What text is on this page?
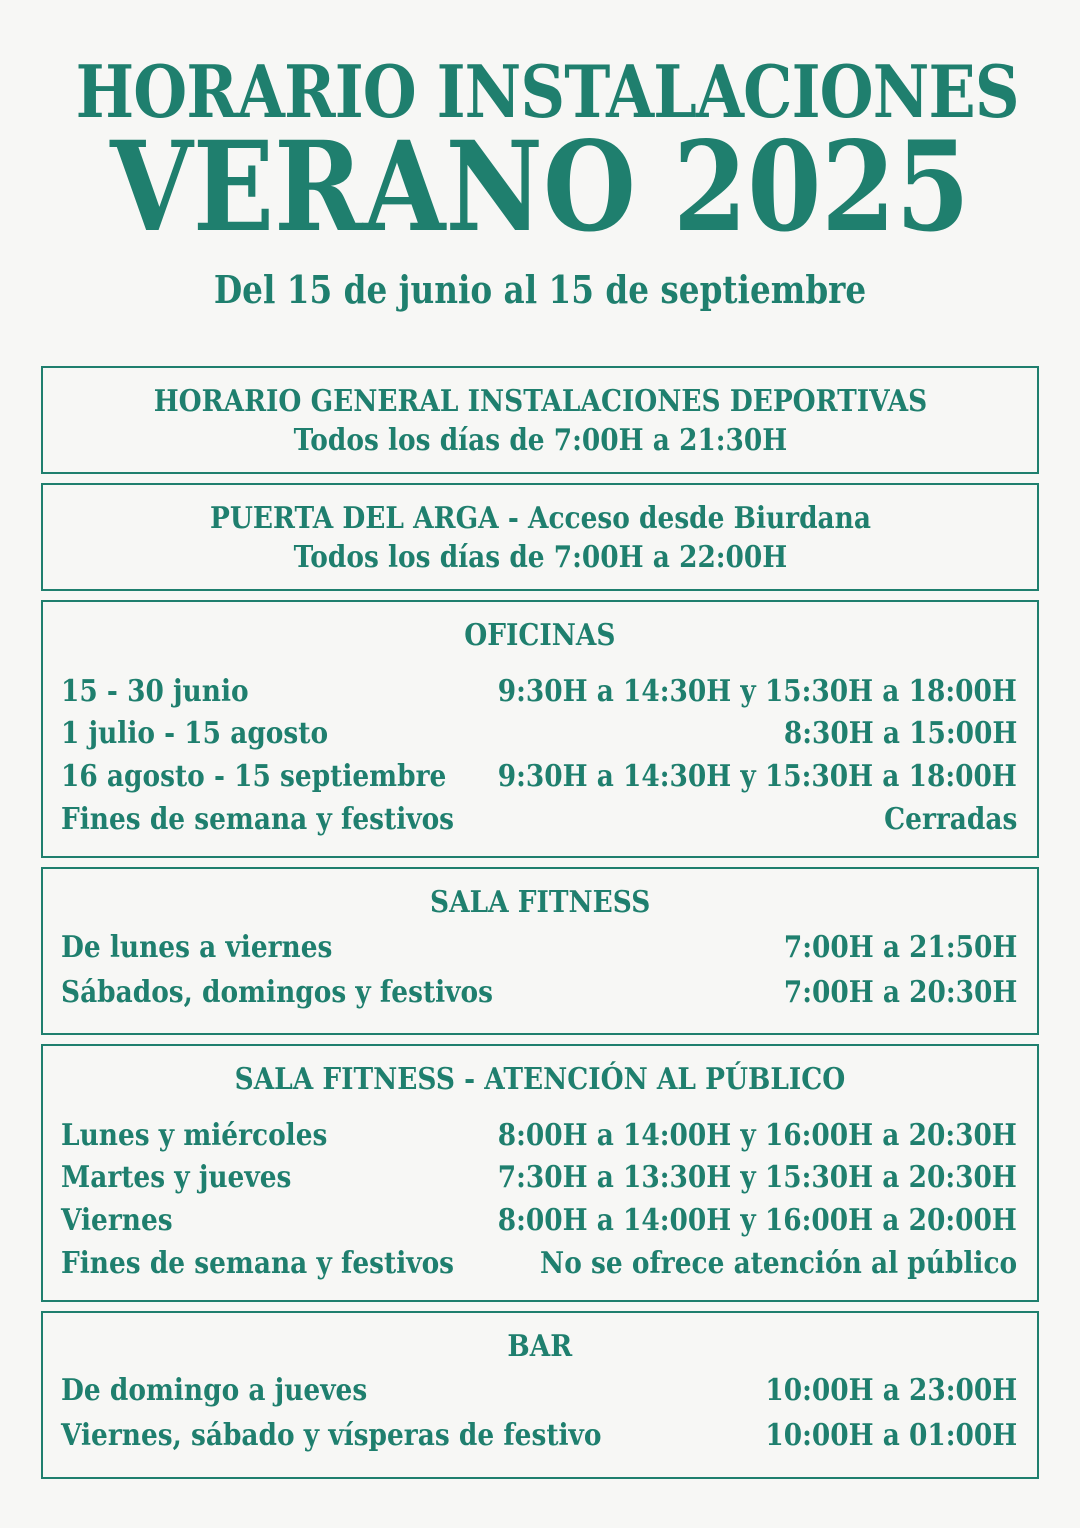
HORARIO INSTALACIONES
VERANO 2025
Del 15 de junio al 15 de septiembre
HORARIO GENERAL INSTALACIONES DEPORTIVAS
Todos los días de 7:00H a 21:30H
PUERTA DEL ARGA - Acceso desde Biurdana
Todos los días de 7:00H a 22:00H
OFICINAS
15 - 30 junio	9:30H a 14:30H y 15:30H a 18:00H
1 julio - 15 agosto	8:30H a 15:00H
16 agosto - 15 septiembre 9:30H a 14:30H y 15:30H a 18:00H
Fines de semana y festivos	Cerradas
SALA FITNESS
De lunes a viernes	7:00H a 21:50H
Sábados, domingos y festivos	7:00H a 20:30H
SALA FITNESS - ATENCIÓN AL PÚBLICO
Lunes y miércoles	8:00H a 14:00H y 16:00H a 20:30H
Martes y jueves	7:30H a 13:30H y 15:30H a 20:30H
Viernes	8:00H a 14:00H y 16:00H a 20:00H
Fines de semana y festivos	No se ofrece atención al público
BAR
De domingo a jueves	10:00H a 23:00H
Viernes, sábado y vísperas de festivo	10:00H a 01:00H
